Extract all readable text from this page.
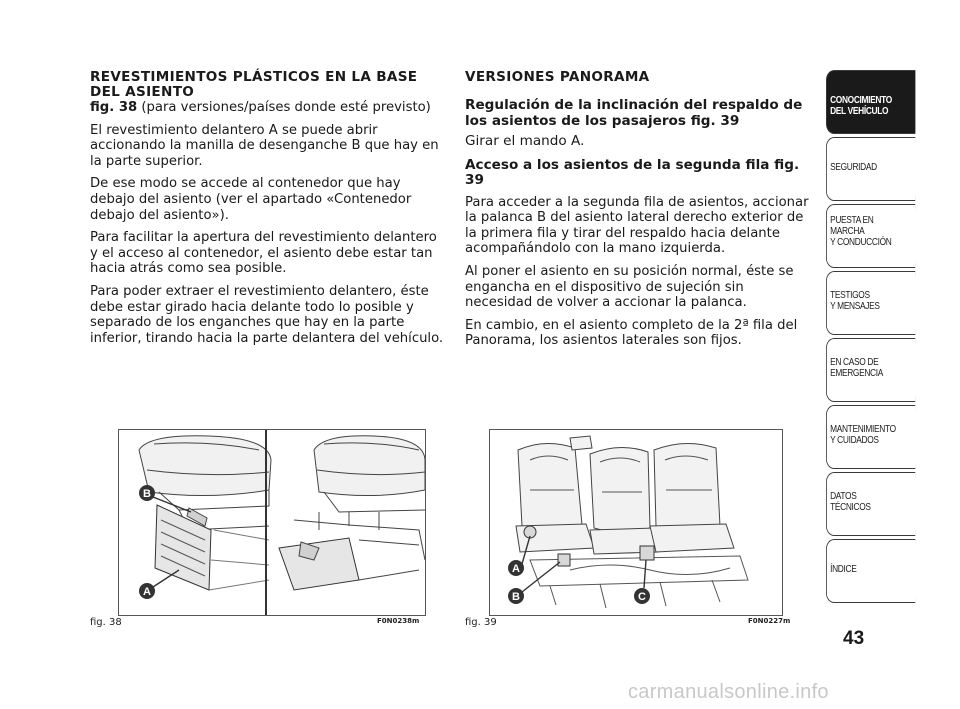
REVESTIMIENTOS PLÁSTICOS EN LA BASE
DEL ASIENTO

fig. 38 (para versiones/países donde esté previsto)

El revestimiento delantero A se puede abrir accionando la manilla de desenganche B que hay en la parte superior.

De ese modo se accede al contenedor que hay debajo del asiento (ver el apartado «Contenedor debajo del asiento»).

Para facilitar la apertura del revestimiento delantero y el acceso al contenedor, el asiento debe estar tan hacia atrás como sea posible.

Para poder extraer el revestimiento delantero, éste debe estar girado hacia delante todo lo posible y separado de los enganches que hay en la parte inferior, tirando hacia la parte delantera del vehículo.

VERSIONES PANORAMA
Regulación de la inclinación del respaldo de los asientos de los pasajeros fig. 39

Girar el mando A.

Acceso a los asientos de la segunda fila fig. 39

Para acceder a la segunda fila de asientos, accionar la palanca B del asiento lateral derecho exterior de la primera fila y tirar del respaldo hacia delante acompañándolo con la mano izquierda.

Al poner el asiento en su posición normal, éste se engancha en el dispositivo de sujeción sin necesidad de volver a accionar la palanca.

En cambio, en el asiento completo de la 2ª fila del Panorama, los asientos laterales son fijos.

B
A
fig. 38	F0N0238m
A
B	C
fig. 39	F0N0227m
CONOCIMIENTO
DEL VEHÍCULO
SEGURIDAD
PUESTA EN
MARCHA
Y CONDUCCIÓN
TESTIGOS
Y MENSAJES
EN CASO DE
EMERGENCIA
MANTENIMIENTO
Y CUIDADOS
DATOS
TÉCNICOS
ÍNDICE
43
carmanualsonline.info
